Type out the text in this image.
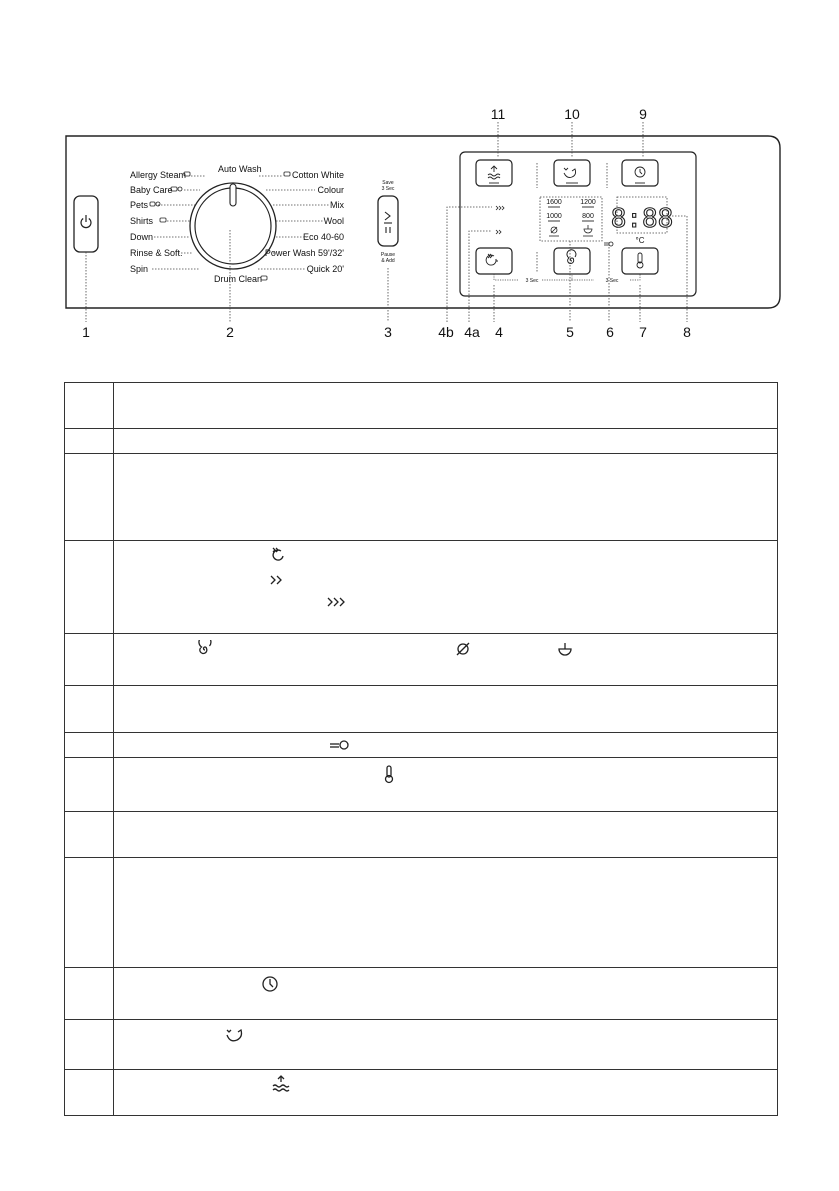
Allergy Steam
Baby Care
Pets
Shirts
Down
Rinse & Soft.
Spin
Auto Wash
Drum Clean
Cotton White
Colour
Mix
Wool
Eco 40-60
Power Wash 59'/32'
Quick 20'
Save
3 Sec
Pause
& Add
1600	1200
1000	800 8:88
°C
3 Sec	3 Sec
1	2	3	4b 4a 4	5 6 7	8
11	10	9
